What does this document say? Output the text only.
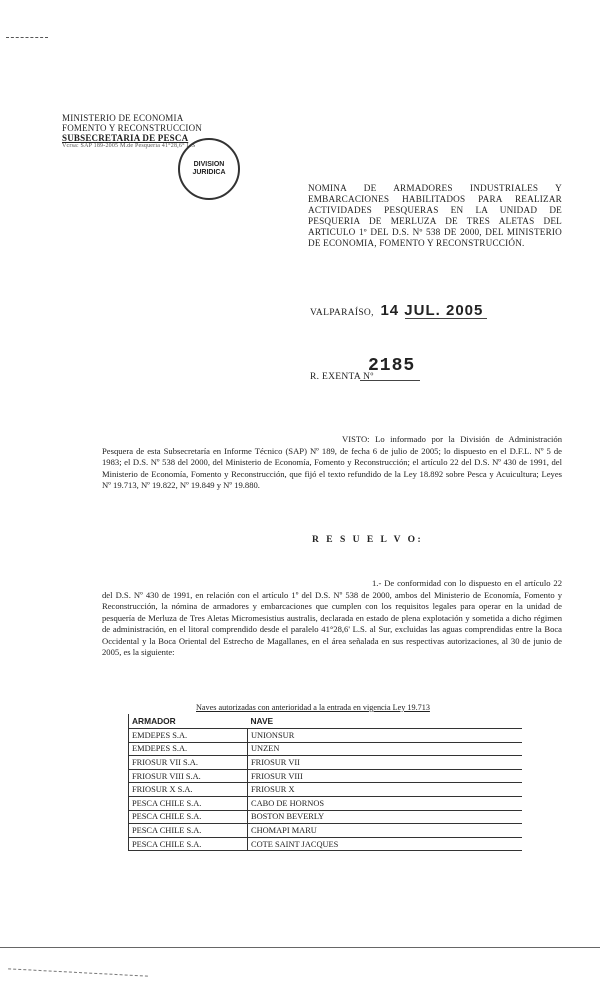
MINISTERIO DE ECONOMIA
FOMENTO Y RECONSTRUCCION
SUBSECRETARIA DE PESCA
Vcrsa: SAP 189-2005 M.de Pesquería 41°28,6° L.S
DIVISION JURIDICA
NOMINA DE ARMADORES INDUSTRIALES Y EMBARCACIONES HABILITADOS PARA REALIZAR ACTIVIDADES PESQUERAS EN LA UNIDAD DE PESQUERIA DE MERLUZA DE TRES ALETAS DEL ARTICULO 1º DEL D.S. Nº 538 DE 2000, DEL MINISTERIO DE ECONOMIA, FOMENTO Y RECONSTRUCCIÓN.
VALPARAÍSO, 14 JUL. 2005
2185
R. EXENTA Nº
VISTO: Lo informado por la División de Administración Pesquera de esta Subsecretaría en Informe Técnico (SAP) Nº 189, de fecha 6 de julio de 2005; lo dispuesto en el D.F.L. Nº 5 de 1983; el D.S. Nº 538 del 2000, del Ministerio de Economía, Fomento y Reconstrucción; el artículo 22 del D.S. Nº 430 de 1991, del Ministerio de Economía, Fomento y Reconstrucción, que fijó el texto refundido de la Ley 18.892 sobre Pesca y Acuicultura; Leyes Nº 19.713, Nº 19.822, Nº 19.849 y Nº 19.880.
R E S U E L V O:
1.- De conformidad con lo dispuesto en el artículo 22 del D.S. Nº 430 de 1991, en relación con el artículo 1º del D.S. Nº 538 de 2000, ambos del Ministerio de Economía, Fomento y Reconstrucción, la nómina de armadores y embarcaciones que cumplen con los requisitos legales para operar en la unidad de pesquería de Merluza de Tres Aletas Micromesistius australis, declarada en estado de plena explotación y sometida a dicho régimen de administración, en el litoral comprendido desde el paralelo 41°28,6' L.S. al Sur, excluidas las aguas comprendidas entre la Boca Occidental y la Boca Oriental del Estrecho de Magallanes, en el área señalada en sus respectivas autorizaciones, al 30 de junio de 2005, es la siguiente:
Naves autorizadas con anterioridad a la entrada en vigencia Ley 19.713
ARMADOR	NAVE
EMDEPES S.A.	UNIONSUR
EMDEPES S.A.	UNZEN
FRIOSUR VII S.A.	FRIOSUR VII
FRIOSUR VIII S.A.	FRIOSUR VIII
FRIOSUR X S.A.	FRIOSUR X
PESCA CHILE S.A.	CABO DE HORNOS
PESCA CHILE S.A.	BOSTON BEVERLY
PESCA CHILE S.A.	CHOMAPI MARU
PESCA CHILE S.A.	COTE SAINT JACQUES
